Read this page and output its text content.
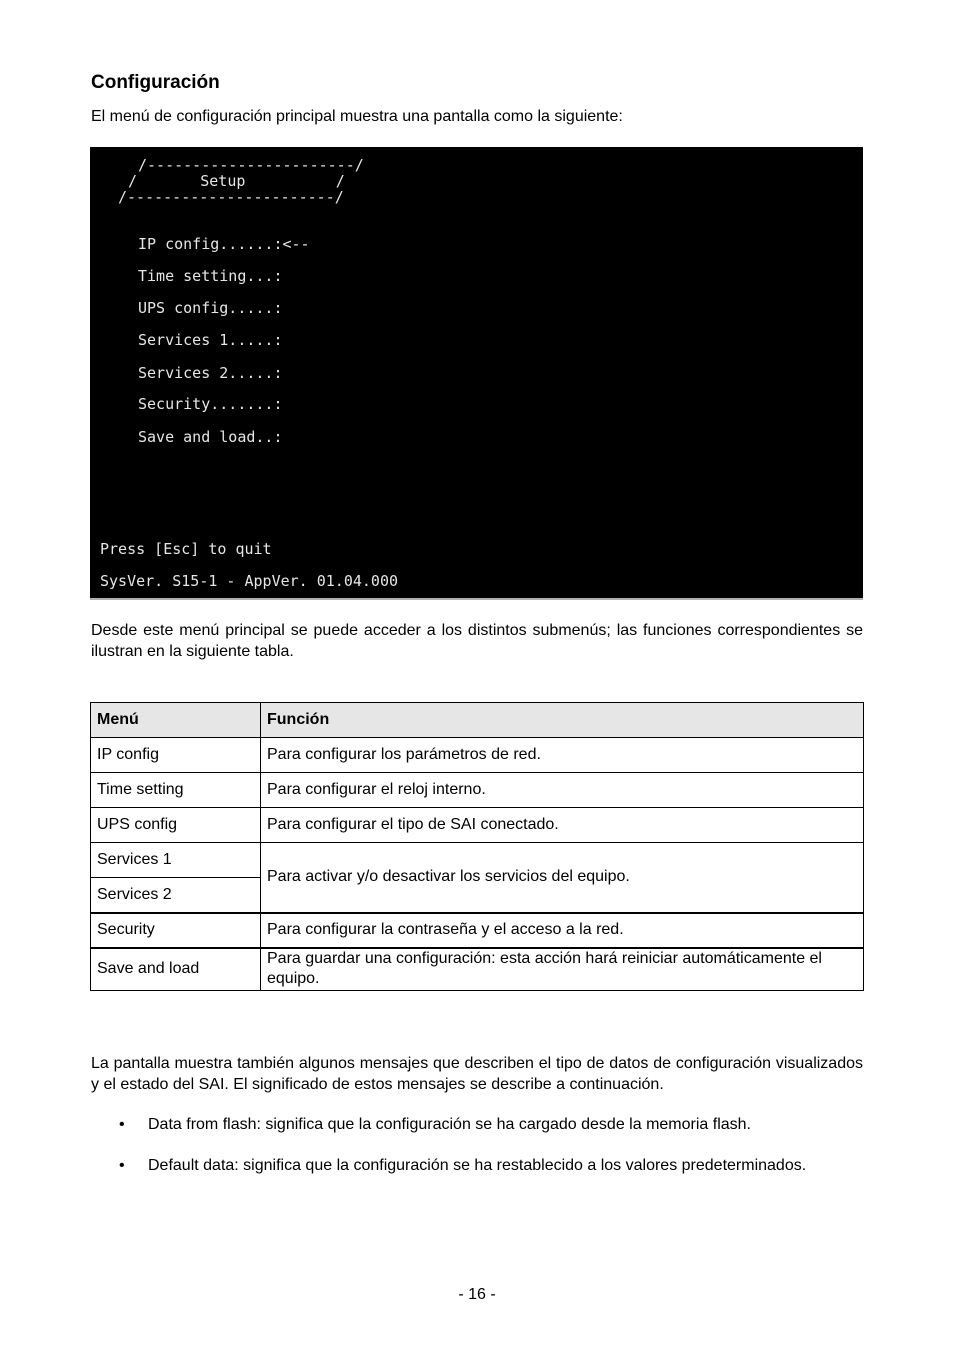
Configuración
El menú de configuración principal muestra una pantalla como la siguiente:
/-----------------------/
/       Setup          /
/-----------------------/
IP config......:<--
Time setting...:
UPS config.....:
Services 1.....:
Services 2.....:
Security.......:
Save and load..:
Press [Esc] to quit
SysVer. S15-1 - AppVer. 01.04.000
Desde este menú principal se puede acceder a los distintos submenús; las funciones correspondientes se ilustran en la siguiente tabla.
Menú	Función
IP config	Para configurar los parámetros de red.
Time setting	Para configurar el reloj interno.
UPS config	Para configurar el tipo de SAI conectado.
Services 1	Para activar y/o desactivar los servicios del equipo.
Services 2	
Security	Para configurar la contraseña y el acceso a la red.
Save and load	Para guardar una configuración: esta acción hará reiniciar automáticamente el equipo.
La pantalla muestra también algunos mensajes que describen el tipo de datos de configuración visualizados y el estado del SAI. El significado de estos mensajes se describe a continuación.
• Data from flash: significa que la configuración se ha cargado desde la memoria flash.
• Default data: significa que la configuración se ha restablecido a los valores predeterminados.
- 16 -
